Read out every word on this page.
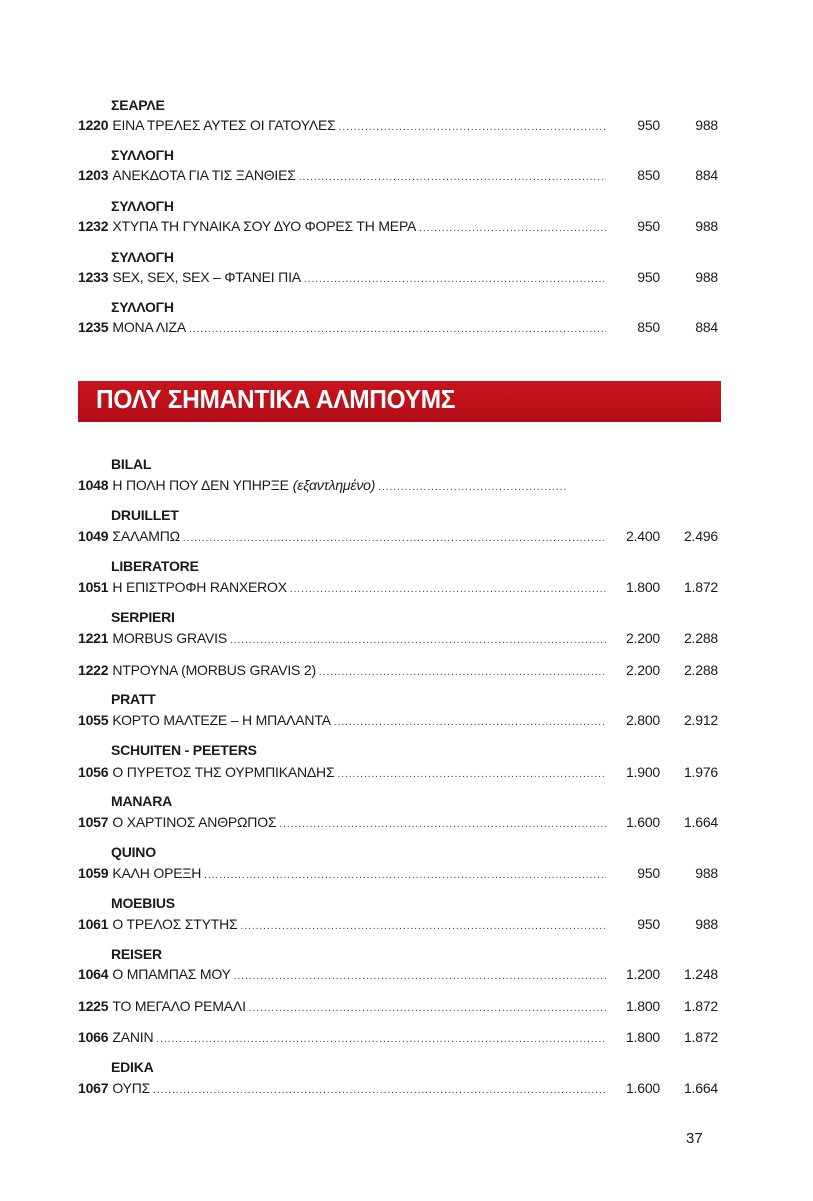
ΣΕΑΡΛΕ
1220 ΕΙΝΑ ΤΡΕΛΕΣ ΑΥΤΕΣ ΟΙ ΓΑΤΟΥΛΕΣ .....	950	988
ΣΥΛΛΟΓΗ
1203 ΑΝΕΚΔΟΤΑ ΓΙΑ ΤΙΣ ΞΑΝΘΙΕΣ .....	850	884
ΣΥΛΛΟΓΗ
1232 ΧΤΥΠΑ ΤΗ ΓΥΝΑΙΚΑ ΣΟΥ ΔΥΟ ΦΟΡΕΣ ΤΗ ΜΕΡΑ .....	950	988
ΣΥΛΛΟΓΗ
1233 SEX, SEX, SEX – ΦΤΑΝΕΙ ΠΙΑ .....	950	988
ΣΥΛΛΟΓΗ
1235 ΜΟΝΑ ΛΙΖΑ .....	850	884
ΠΟΛΥ ΣΗΜΑΝΤΙΚΑ ΑΛΜΠΟΥΜΣ
BILAL
1048 Η ΠΟΛΗ ΠΟΥ ΔΕΝ ΥΠΗΡΞΕ (εξαντλημένο)
.....
DRUILLET
1049 ΣΑΛΑΜΠΩ .....	2.400	2.496
LIBERATORE
1051 Η ΕΠΙΣΤΡΟΦΗ RANXEROX .....	1.800	1.872
SERPIERI
1221 MORBUS GRAVIS .....	2.200	2.288
1222 ΝΤΡΟΥΝΑ (MORBUS GRAVIS 2) .....	2.200	2.288
PRATT
1055 ΚΟΡΤΟ ΜΑΛΤΕΖΕ – Η ΜΠΑΛΑΝΤΑ .....	2.800	2.912
SCHUITEN - PEETERS
1056 Ο ΠΥΡΕΤΟΣ ΤΗΣ ΟΥΡΜΠΙΚΑΝΔΗΣ .....	1.900	1.976
MANARA
1057 Ο ΧΑΡΤΙΝΟΣ ΑΝΘΡΩΠΟΣ .....	1.600	1.664
QUINO
1059 ΚΑΛΗ ΟΡΕΞΗ .....	950	988
MOEBIUS
1061 Ο ΤΡΕΛΟΣ ΣΤΥΤΗΣ .....	950	988
REISER
1064 Ο ΜΠΑΜΠΑΣ ΜΟΥ .....	1.200	1.248
1225 ΤΟ ΜΕΓΑΛΟ ΡΕΜΑΛΙ .....	1.800	1.872
1066 ΖΑΝΙΝ .....	1.800	1.872
EDIKA
1067 ΟΥΠΣ .....	1.600	1.664
37
